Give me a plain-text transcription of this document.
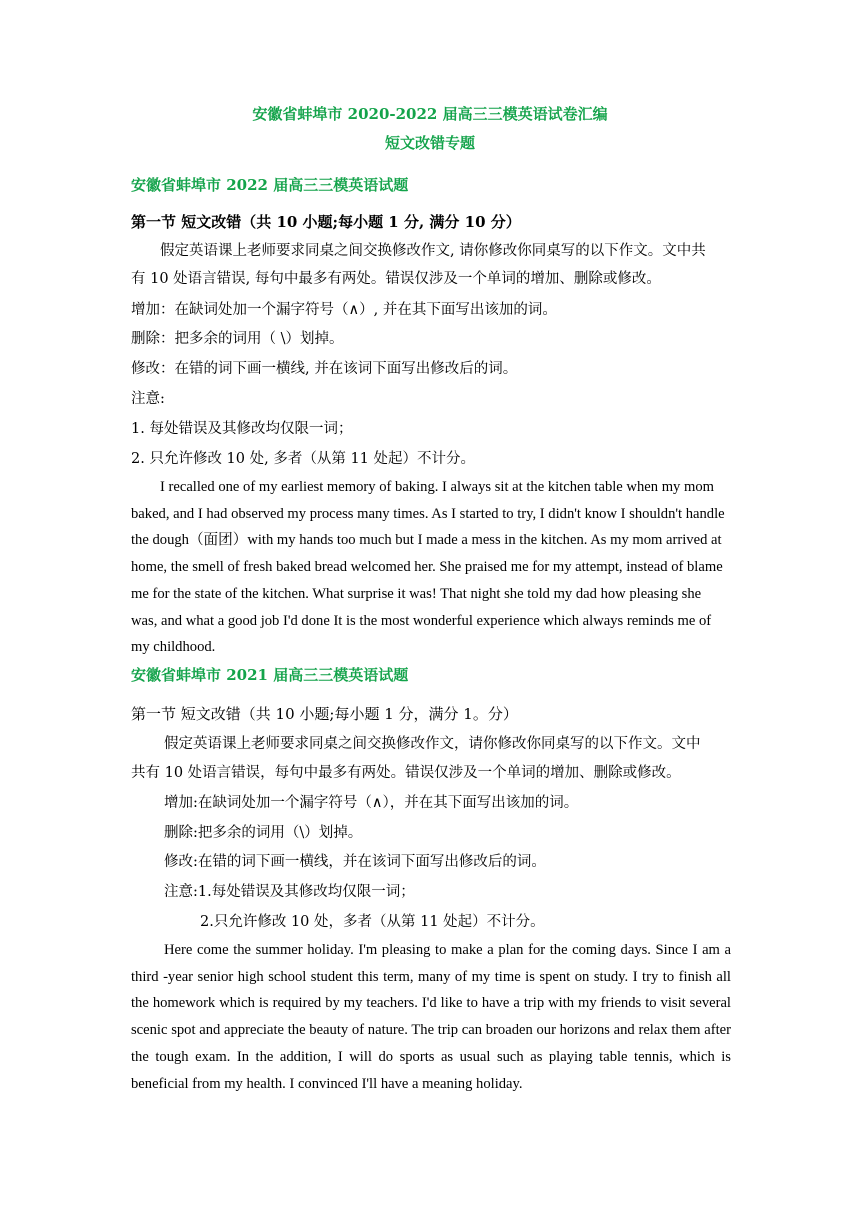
安徽省蚌埠市 2020-2022 届高三三模英语试卷汇编
短文改错专题
安徽省蚌埠市 2022 届高三三模英语试题
第一节 短文改错（共 10 小题;每小题 1 分, 满分 10 分）
假定英语课上老师要求同桌之间交换修改作文, 请你修改你同桌写的以下作文。文中共
有 10 处语言错误, 每句中最多有两处。错误仅涉及一个单词的增加、删除或修改。
增加：在缺词处加一个漏字符号（∧）, 并在其下面写出该加的词。
删除：把多余的词用（ \）划掉。
修改：在错的词下画一横线, 并在该词下面写出修改后的词。
注意:
1. 每处错误及其修改均仅限一词；
2. 只允许修改 10 处, 多者（从第 11 处起）不计分。
I recalled one of my earliest memory of baking. I always sit at the kitchen table when my mom baked, and I had observed my process many times. As I started to try, I didn't know I shouldn't handle the dough（面团）with my hands too much but I made a mess in the kitchen. As my mom arrived at home, the smell of fresh baked bread welcomed her. She praised me for my attempt, instead of blame me for the state of the kitchen. What surprise it was! That night she told my dad how pleasing she was, and what a good job I'd done It is the most wonderful experience which always reminds me of my childhood.
安徽省蚌埠市 2021 届高三三模英语试题
第一节 短文改错（共 10 小题;每小题 1 分，满分 1。分）
假定英语课上老师要求同桌之间交换修改作文，请你修改你同桌写的以下作文。文中
共有 10 处语言错误，每句中最多有两处。错误仅涉及一个单词的增加、删除或修改。
增加:在缺词处加一个漏字符号（∧），并在其下面写出该加的词。
删除:把多余的词用（\）划掉。
修改:在错的词下画一横线，并在该词下面写出修改后的词。
注意:1.每处错误及其修改均仅限一词；
2.只允许修改 10 处，多者（从第 11 处起）不计分。
Here come the summer holiday. I'm pleasing to make a plan for the coming days. Since I am a third -year senior high school student this term, many of my time is spent on study. I try to finish all the homework which is required by my teachers. I'd like to have a trip with my friends to visit several scenic spot and appreciate the beauty of nature. The trip can broaden our horizons and relax them after the tough exam. In the addition, I will do sports as usual such as playing table tennis, which is beneficial from my health. I convinced I'll have a meaning holiday.
